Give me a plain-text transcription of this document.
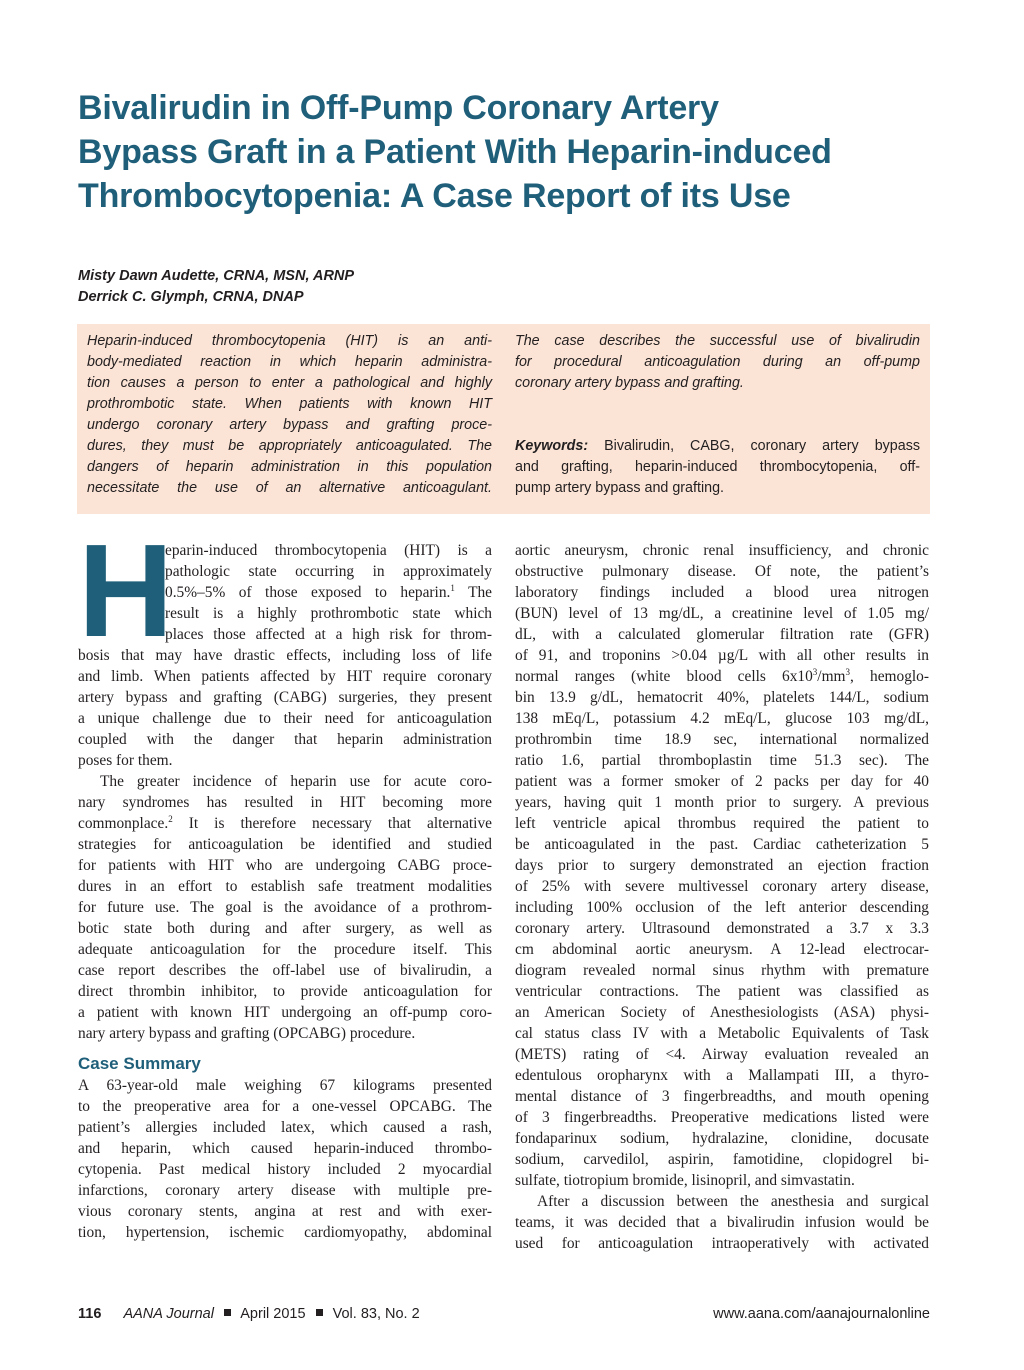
Bivalirudin in Off-Pump Coronary Artery
Bypass Graft in a Patient With Heparin-induced
Thrombocytopenia: A Case Report of its Use
Misty Dawn Audette, CRNA, MSN, ARNP
Derrick C. Glymph, CRNA, DNAP
Heparin-induced thrombocytopenia (HIT) is an anti-
body-mediated reaction in which heparin administra-
tion causes a person to enter a pathological and highly
prothrombotic state. When patients with known HIT
undergo coronary artery bypass and grafting proce-
dures, they must be appropriately anticoagulated. The
dangers of heparin administration in this population
necessitate the use of an alternative anticoagulant.
The case describes the successful use of bivalirudin
for procedural anticoagulation during an off-pump
coronary artery bypass and grafting.
Keywords: Bivalirudin, CABG, coronary artery bypass
and grafting, heparin-induced thrombocytopenia, off-
pump artery bypass and grafting.
H
eparin-induced thrombocytopenia (HIT) is a
pathologic state occurring in approximately
0.5%–5% of those exposed to heparin.$^1$ The
result is a highly prothrombotic state which
places those affected at a high risk for throm-
bosis that may have drastic effects, including loss of life
and limb. When patients affected by HIT require coronary
artery bypass and grafting (CABG) surgeries, they present
a unique challenge due to their need for anticoagulation
coupled with the danger that heparin administration
poses for them.
The greater incidence of heparin use for acute coro-
nary syndromes has resulted in HIT becoming more
commonplace.$^2$ It is therefore necessary that alternative
strategies for anticoagulation be identified and studied
for patients with HIT who are undergoing CABG proce-
dures in an effort to establish safe treatment modalities
for future use. The goal is the avoidance of a prothrom-
botic state both during and after surgery, as well as
adequate anticoagulation for the procedure itself. This
case report describes the off-label use of bivalirudin, a
direct thrombin inhibitor, to provide anticoagulation for
a patient with known HIT undergoing an off-pump coro-
nary artery bypass and grafting (OPCABG) procedure.
Case Summary
A 63-year-old male weighing 67 kilograms presented
to the preoperative area for a one-vessel OPCABG. The
patient’s allergies included latex, which caused a rash,
and heparin, which caused heparin-induced thrombo-
cytopenia. Past medical history included 2 myocardial
infarctions, coronary artery disease with multiple pre-
vious coronary stents, angina at rest and with exer-
tion, hypertension, ischemic cardiomyopathy, abdominal
aortic aneurysm, chronic renal insufficiency, and chronic
obstructive pulmonary disease. Of note, the patient’s
laboratory findings included a blood urea nitrogen
(BUN) level of 13 mg/dL, a creatinine level of 1.05 mg/
dL, with a calculated glomerular filtration rate (GFR)
of 91, and troponins >0.04 µg/L with all other results in
normal ranges (white blood cells $6x10^3/mm^3$, hemoglo-
bin 13.9 g/dL, hematocrit 40%, platelets 144/L, sodium
138 mEq/L, potassium 4.2 mEq/L, glucose 103 mg/dL,
prothrombin time 18.9 sec, international normalized
ratio 1.6, partial thromboplastin time 51.3 sec). The
patient was a former smoker of 2 packs per day for 40
years, having quit 1 month prior to surgery. A previous
left ventricle apical thrombus required the patient to
be anticoagulated in the past. Cardiac catheterization 5
days prior to surgery demonstrated an ejection fraction
of 25% with severe multivessel coronary artery disease,
including 100% occlusion of the left anterior descending
coronary artery. Ultrasound demonstrated a 3.7 x 3.3
cm abdominal aortic aneurysm. A 12-lead electrocar-
diogram revealed normal sinus rhythm with premature
ventricular contractions. The patient was classified as
an American Society of Anesthesiologists (ASA) physi-
cal status class IV with a Metabolic Equivalents of Task
(METS) rating of <4. Airway evaluation revealed an
edentulous oropharynx with a Mallampati III, a thyro-
mental distance of 3 fingerbreadths, and mouth opening
of 3 fingerbreadths. Preoperative medications listed were
fondaparinux sodium, hydralazine, clonidine, docusate
sodium, carvedilol, aspirin, famotidine, clopidogrel bi-
sulfate, tiotropium bromide, lisinopril, and simvastatin.
After a discussion between the anesthesia and surgical
teams, it was decided that a bivalirudin infusion would be
used for anticoagulation intraoperatively with activated
116 AANA Journal April 2015 Vol. 83, No. 2	www.aana.com/aanajournalonline
